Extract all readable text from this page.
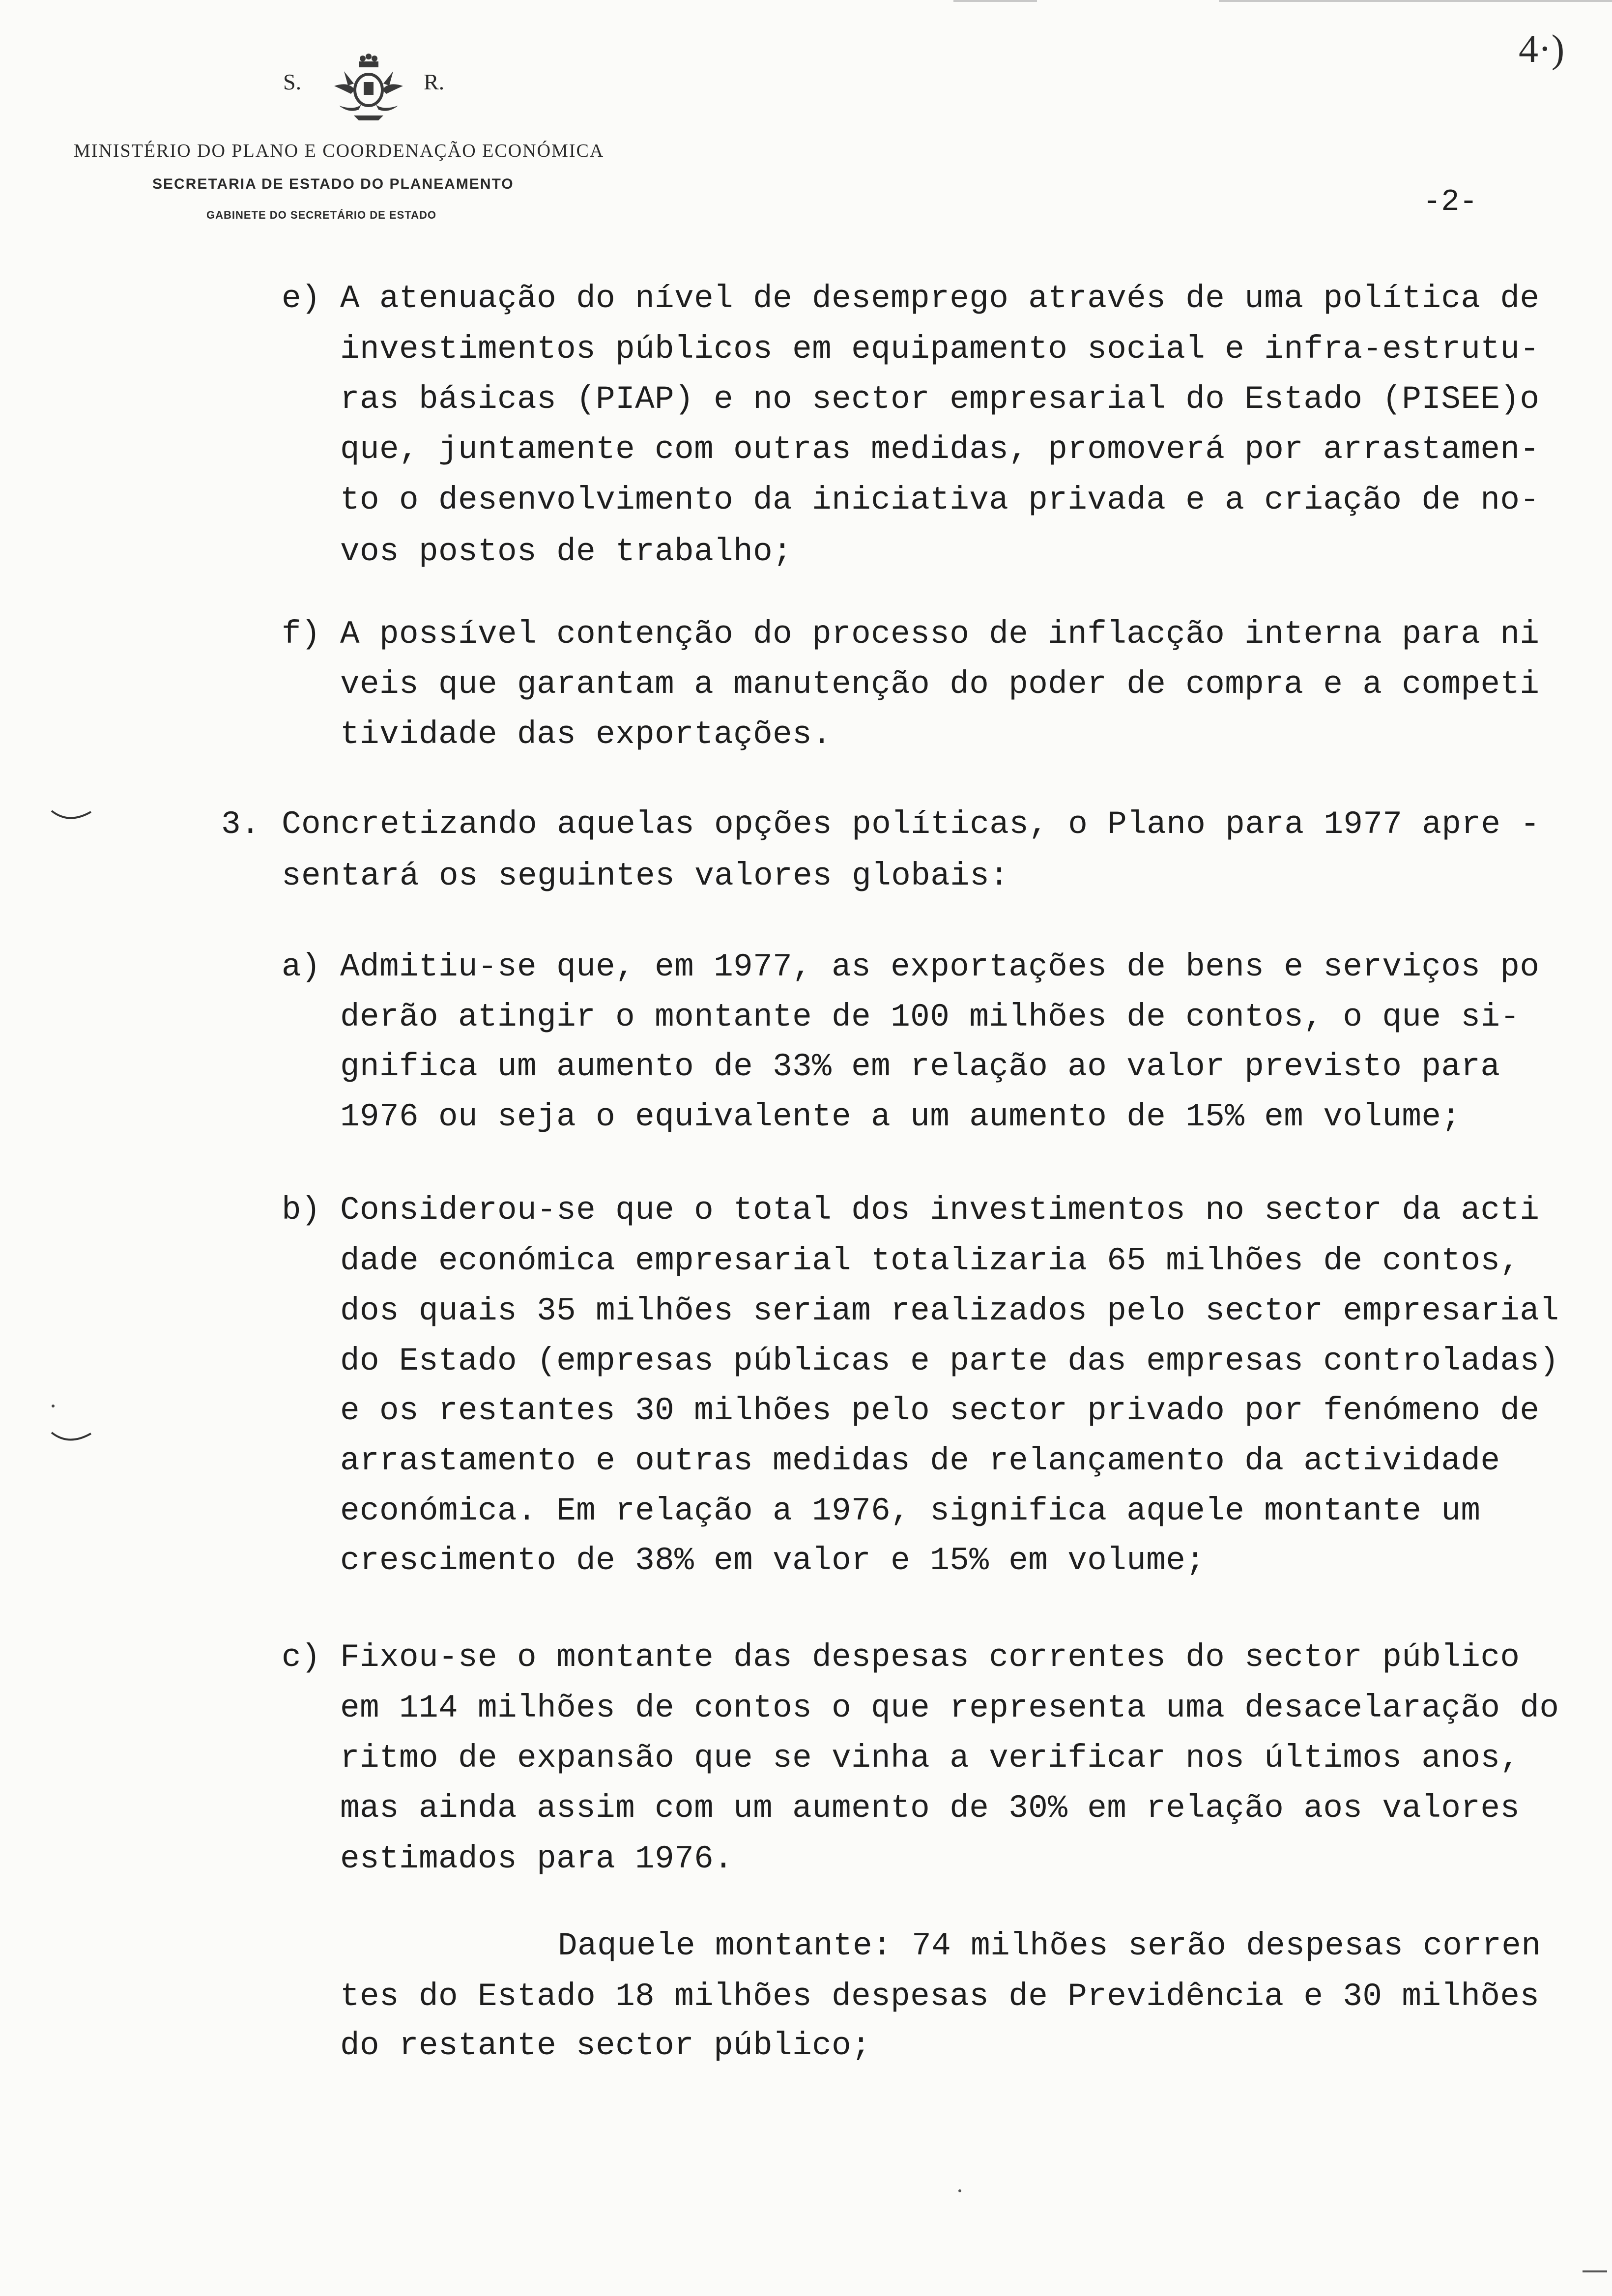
4·)
S.	R.
MINISTÉRIO DO PLANO E COORDENAÇÃO ECONÓMICA
SECRETARIA DE ESTADO DO PLANEAMENTO
GABINETE DO SECRETÁRIO DE ESTADO	-2-
e) A atenuação do nível de desemprego através de uma política de
investimentos públicos em equipamento social e infra-estrutu-
ras básicas (PIAP) e no sector empresarial do Estado (PISEE)o
que, juntamente com outras medidas, promoverá por arrastamen-
to o desenvolvimento da iniciativa privada e a criação de no-
vos postos de trabalho;
f) A possível contenção do processo de inflacção interna para ni
veis que garantam a manutenção do poder de compra e a competi
tividade das exportações.
3. Concretizando aquelas opções políticas, o Plano para 1977 apre -
sentará os seguintes valores globais:
a) Admitiu-se que, em 1977, as exportações de bens e serviços po
derão atingir o montante de 100 milhões de contos, o que si-
gnifica um aumento de 33% em relação ao valor previsto para
1976 ou seja o equivalente a um aumento de 15% em volume;
b) Considerou-se que o total dos investimentos no sector da acti
dade económica empresarial totalizaria 65 milhões de contos,
dos quais 35 milhões seriam realizados pelo sector empresarial
do Estado (empresas públicas e parte das empresas controladas)
e os restantes 30 milhões pelo sector privado por fenómeno de
arrastamento e outras medidas de relançamento da actividade
económica. Em relação a 1976, significa aquele montante um
crescimento de 38% em valor e 15% em volume;
c) Fixou-se o montante das despesas correntes do sector público
em 114 milhões de contos o que representa uma desacelaração do
ritmo de expansão que se vinha a verificar nos últimos anos,
mas ainda assim com um aumento de 30% em relação aos valores
estimados para 1976.
Daquele montante: 74 milhões serão despesas corren
tes do Estado 18 milhões despesas de Previdência e 30 milhões
do restante sector público;
